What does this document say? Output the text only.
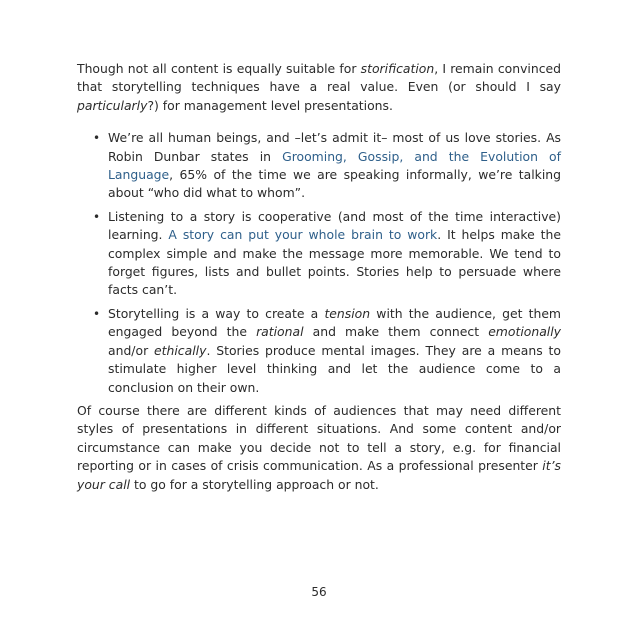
Though not all content is equally suitable for storification, I remain convinced that storytelling techniques have a real value. Even (or should I say particularly?) for management level presentations.

• We’re all human beings, and –let’s admit it– most of us love stories. As Robin Dunbar states in Grooming, Gossip, and the Evolution of Language, 65% of the time we are speaking informally, we’re talking about “who did what to whom”.
• Listening to a story is cooperative (and most of the time interactive) learning. A story can put your whole brain to work. It helps make the complex simple and make the message more memorable. We tend to forget figures, lists and bullet points. Stories help to persuade where facts can’t.
• Storytelling is a way to create a tension with the audience, get them engaged beyond the rational and make them connect emotionally and/or ethically. Stories produce mental images. They are a means to stimulate higher level thinking and let the audience come to a conclusion on their own.

Of course there are different kinds of audiences that may need different styles of presentations in different situations. And some content and/or circumstance can make you decide not to tell a story, e.g. for financial reporting or in cases of crisis communication. As a professional presenter it’s your call to go for a storytelling approach or not.

56
